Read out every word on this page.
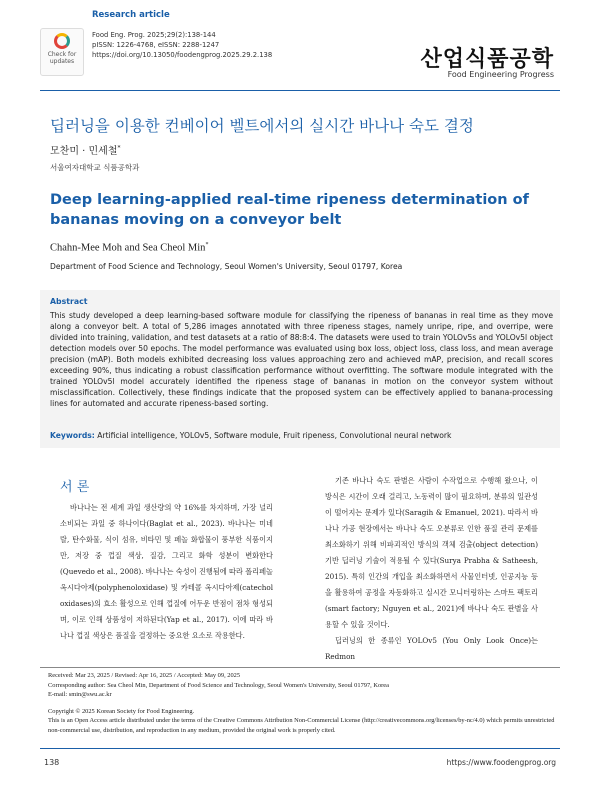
Check for updates
Research article
Food Eng. Prog. 2025;29(2):138-144
pISSN: 1226-4768, eISSN: 2288-1247
https://doi.org/10.13050/foodengprog.2025.29.2.138	산업식품공학
Food Engineering Progress
딥러닝을 이용한 컨베이어 벨트에서의 실시간 바나나 숙도 결정
모찬미 · 민세철*
서울여자대학교 식품공학과
Deep learning-applied real-time ripeness determination of bananas moving on a conveyor belt
Chahn-Mee Moh and Sea Cheol Min*
Department of Food Science and Technology, Seoul Women's University, Seoul 01797, Korea
Abstract
This study developed a deep learning-based software module for classifying the ripeness of bananas in real time as they move along a conveyor belt. A total of 5,286 images annotated with three ripeness stages, namely unripe, ripe, and overripe, were divided into training, validation, and test datasets at a ratio of 88:8:4. The datasets were used to train YOLOv5s and YOLOv5l object detection models over 50 epochs. The model performance was evaluated using box loss, object loss, class loss, and mean average precision (mAP). Both models exhibited decreasing loss values approaching zero and achieved mAP, precision, and recall scores exceeding 90%, thus indicating a robust classification performance without overfitting. The software module integrated with the trained YOLOv5l model accurately identified the ripeness stage of bananas in motion on the conveyor system without misclassification. Collectively, these findings indicate that the proposed system can be effectively applied to banana-processing lines for automated and accurate ripeness-based sorting.
Keywords: Artificial intelligence, YOLOv5, Software module, Fruit ripeness, Convolutional neural network
서 론

바나나는 전 세계 과일 생산량의 약 16%를 차지하며, 가장 널리 소비되는 과일 중 하나이다(Baglat et al., 2023). 바나나는 미네랄, 탄수화물, 식이 섬유, 비타민 및 페놀 화합물이 풍부한 식품이지만, 저장 중 껍질 색상, 질감, 그리고 화학 성분이 변화한다(Quevedo et al., 2008). 바나나는 숙성이 진행됨에 따라 폴리페놀 옥시다아제(polyphenoloxidase) 및 카테콜 옥시다아제(catechol oxidases)의 효소 활성으로 인해 껍질에 어두운 반점이 점차 형성되며, 이로 인해 상품성이 저하된다(Yap et al., 2017). 이에 따라 바나나 껍질 색상은 품질을 결정하는 중요한 요소로 작용한다.

기존 바나나 숙도 판별은 사람이 수작업으로 수행해 왔으나, 이 방식은 시간이 오래 걸리고, 노동력이 많이 필요하며, 분류의 일관성이 떨어지는 문제가 있다(Saragih & Emanuel, 2021). 따라서 바나나 가공 현장에서는 바나나 숙도 오분류로 인한 품질 관리 문제를 최소화하기 위해 비파괴적인 방식의 객체 검출(object detection) 기반 딥러닝 기술이 적용될 수 있다(Surya Prabha & Satheesh, 2015). 특히 인간의 개입을 최소화하면서 사물인터넷, 인공지능 등을 활용하여 공정을 자동화하고 실시간 모니터링하는 스마트 팩토리(smart factory; Nguyen et al., 2021)에 바나나 숙도 판별을 사용할 수 있을 것이다.

딥러닝의 한 종류인 YOLOv5 (You Only Look Once)는 Redmon

Received: Mar 23, 2025 / Revised: Apr 16, 2025 / Accepted: May 09, 2025
Corresponding author: Sea Cheol Min, Department of Food Science and Technology, Seoul Women's University, Seoul 01797, Korea
E-mail: smin@swu.ac.kr
Copyright © 2025 Korean Society for Food Engineering.
This is an Open Access article distributed under the terms of the Creative Commons Attribution Non-Commercial License (http://creativecommons.org/licenses/by-nc/4.0) which permits unrestricted non-commercial use, distribution, and reproduction in any medium, provided the original work is properly cited.
138	https://www.foodengprog.org
